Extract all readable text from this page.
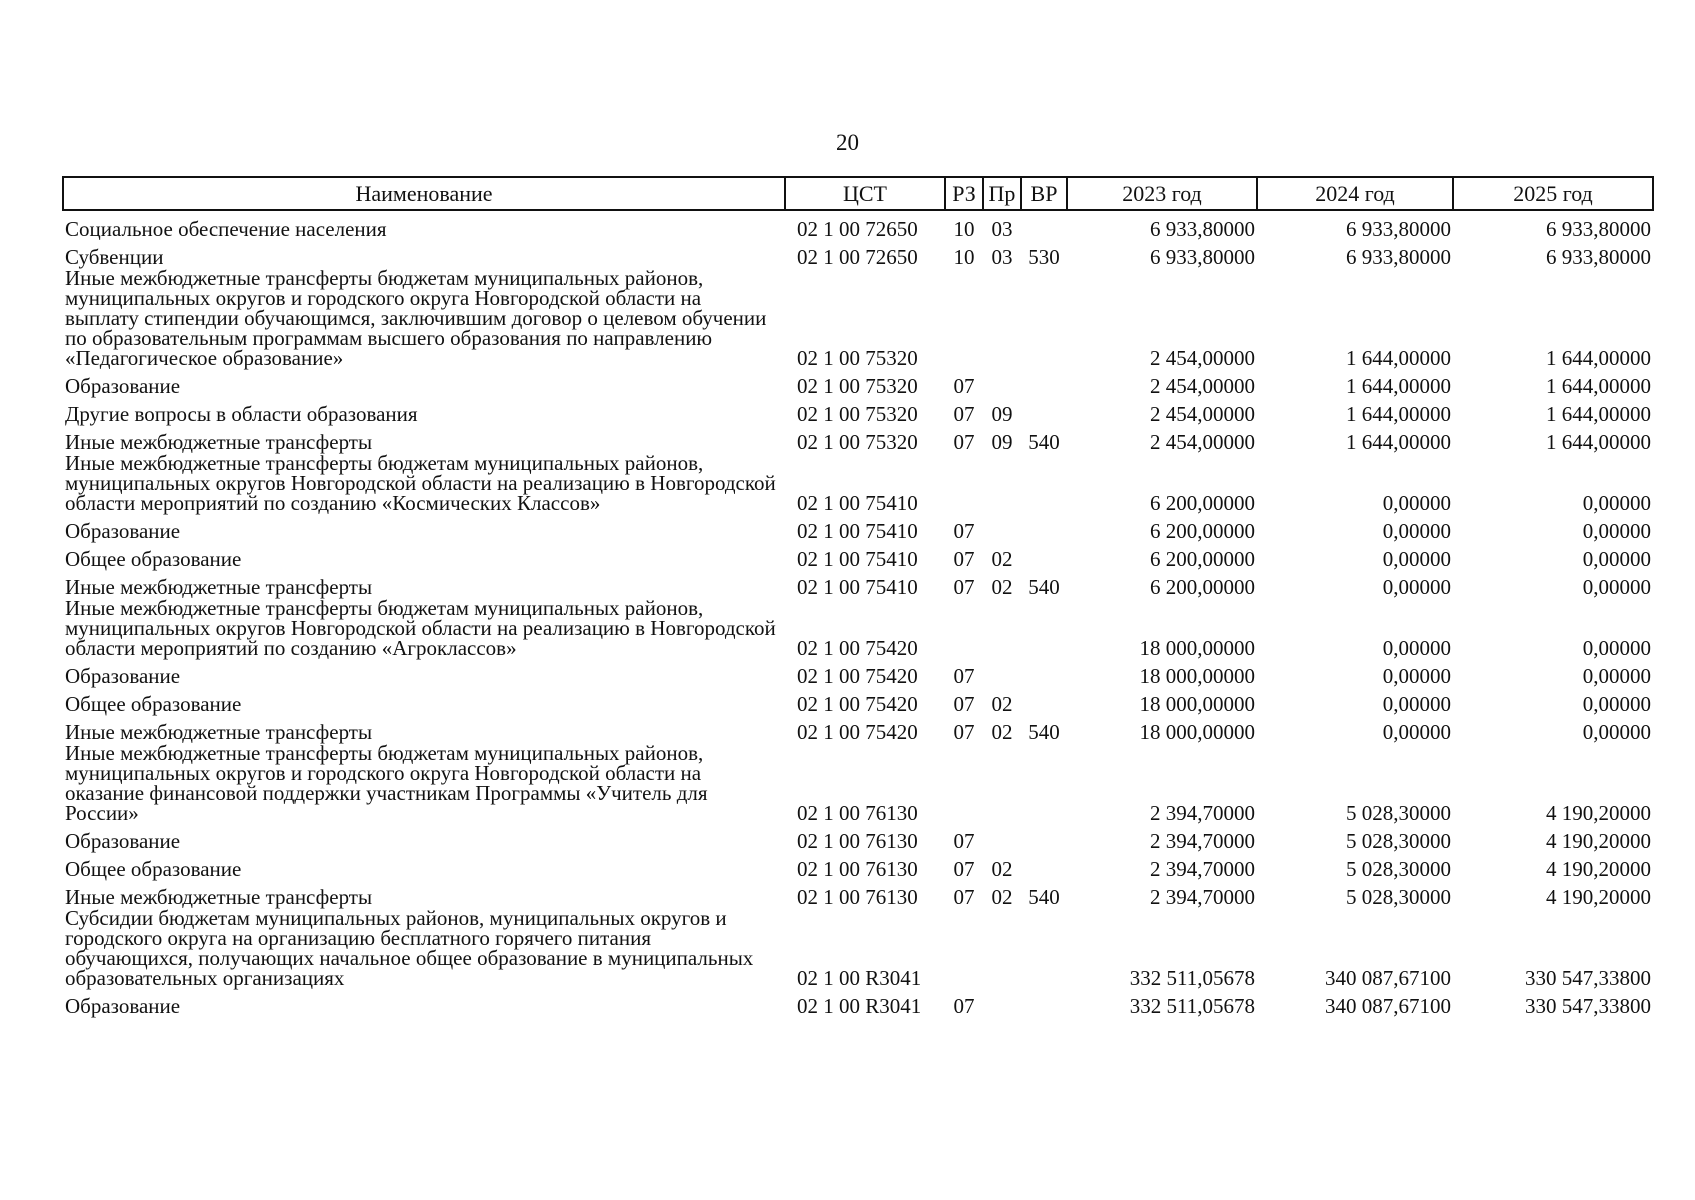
20
Наименование	ЦСТ	РЗ	Пр	ВР	2023 год	2024 год	2025 год
Социальное обеспечение населения	02 1 00 72650	10	03		6 933,80000	6 933,80000	6 933,80000
Субвенции	02 1 00 72650	10	03	530	6 933,80000	6 933,80000	6 933,80000
Иные межбюджетные трансферты бюджетам муниципальных районов, муниципальных округов и городского округа Новгородской области на выплату стипендии обучающимся, заключившим договор о целевом обучении по образовательным программам высшего образования по направлению «Педагогическое образование»	02 1 00 75320				2 454,00000	1 644,00000	1 644,00000
Образование	02 1 00 75320	07			2 454,00000	1 644,00000	1 644,00000
Другие вопросы в области образования	02 1 00 75320	07	09		2 454,00000	1 644,00000	1 644,00000
Иные межбюджетные трансферты	02 1 00 75320	07	09	540	2 454,00000	1 644,00000	1 644,00000
Иные межбюджетные трансферты бюджетам муниципальных районов, муниципальных округов Новгородской области на реализацию в Новгородской области мероприятий по созданию «Космических Классов»	02 1 00 75410				6 200,00000	0,00000	0,00000
Образование	02 1 00 75410	07			6 200,00000	0,00000	0,00000
Общее образование	02 1 00 75410	07	02		6 200,00000	0,00000	0,00000
Иные межбюджетные трансферты	02 1 00 75410	07	02	540	6 200,00000	0,00000	0,00000
Иные межбюджетные трансферты бюджетам муниципальных районов, муниципальных округов Новгородской области на реализацию в Новгородской области мероприятий по созданию «Агроклассов»	02 1 00 75420				18 000,00000	0,00000	0,00000
Образование	02 1 00 75420	07			18 000,00000	0,00000	0,00000
Общее образование	02 1 00 75420	07	02		18 000,00000	0,00000	0,00000
Иные межбюджетные трансферты	02 1 00 75420	07	02	540	18 000,00000	0,00000	0,00000
Иные межбюджетные трансферты бюджетам муниципальных районов, муниципальных округов и городского округа Новгородской области на оказание финансовой поддержки участникам Программы «Учитель для России»	02 1 00 76130				2 394,70000	5 028,30000	4 190,20000
Образование	02 1 00 76130	07			2 394,70000	5 028,30000	4 190,20000
Общее образование	02 1 00 76130	07	02		2 394,70000	5 028,30000	4 190,20000
Иные межбюджетные трансферты	02 1 00 76130	07	02	540	2 394,70000	5 028,30000	4 190,20000
Субсидии бюджетам муниципальных районов, муниципальных округов и городского округа на организацию бесплатного горячего питания обучающихся, получающих начальное общее образование в муниципальных образовательных организациях	02 1 00 R3041				332 511,05678	340 087,67100	330 547,33800
Образование	02 1 00 R3041	07			332 511,05678	340 087,67100	330 547,33800
